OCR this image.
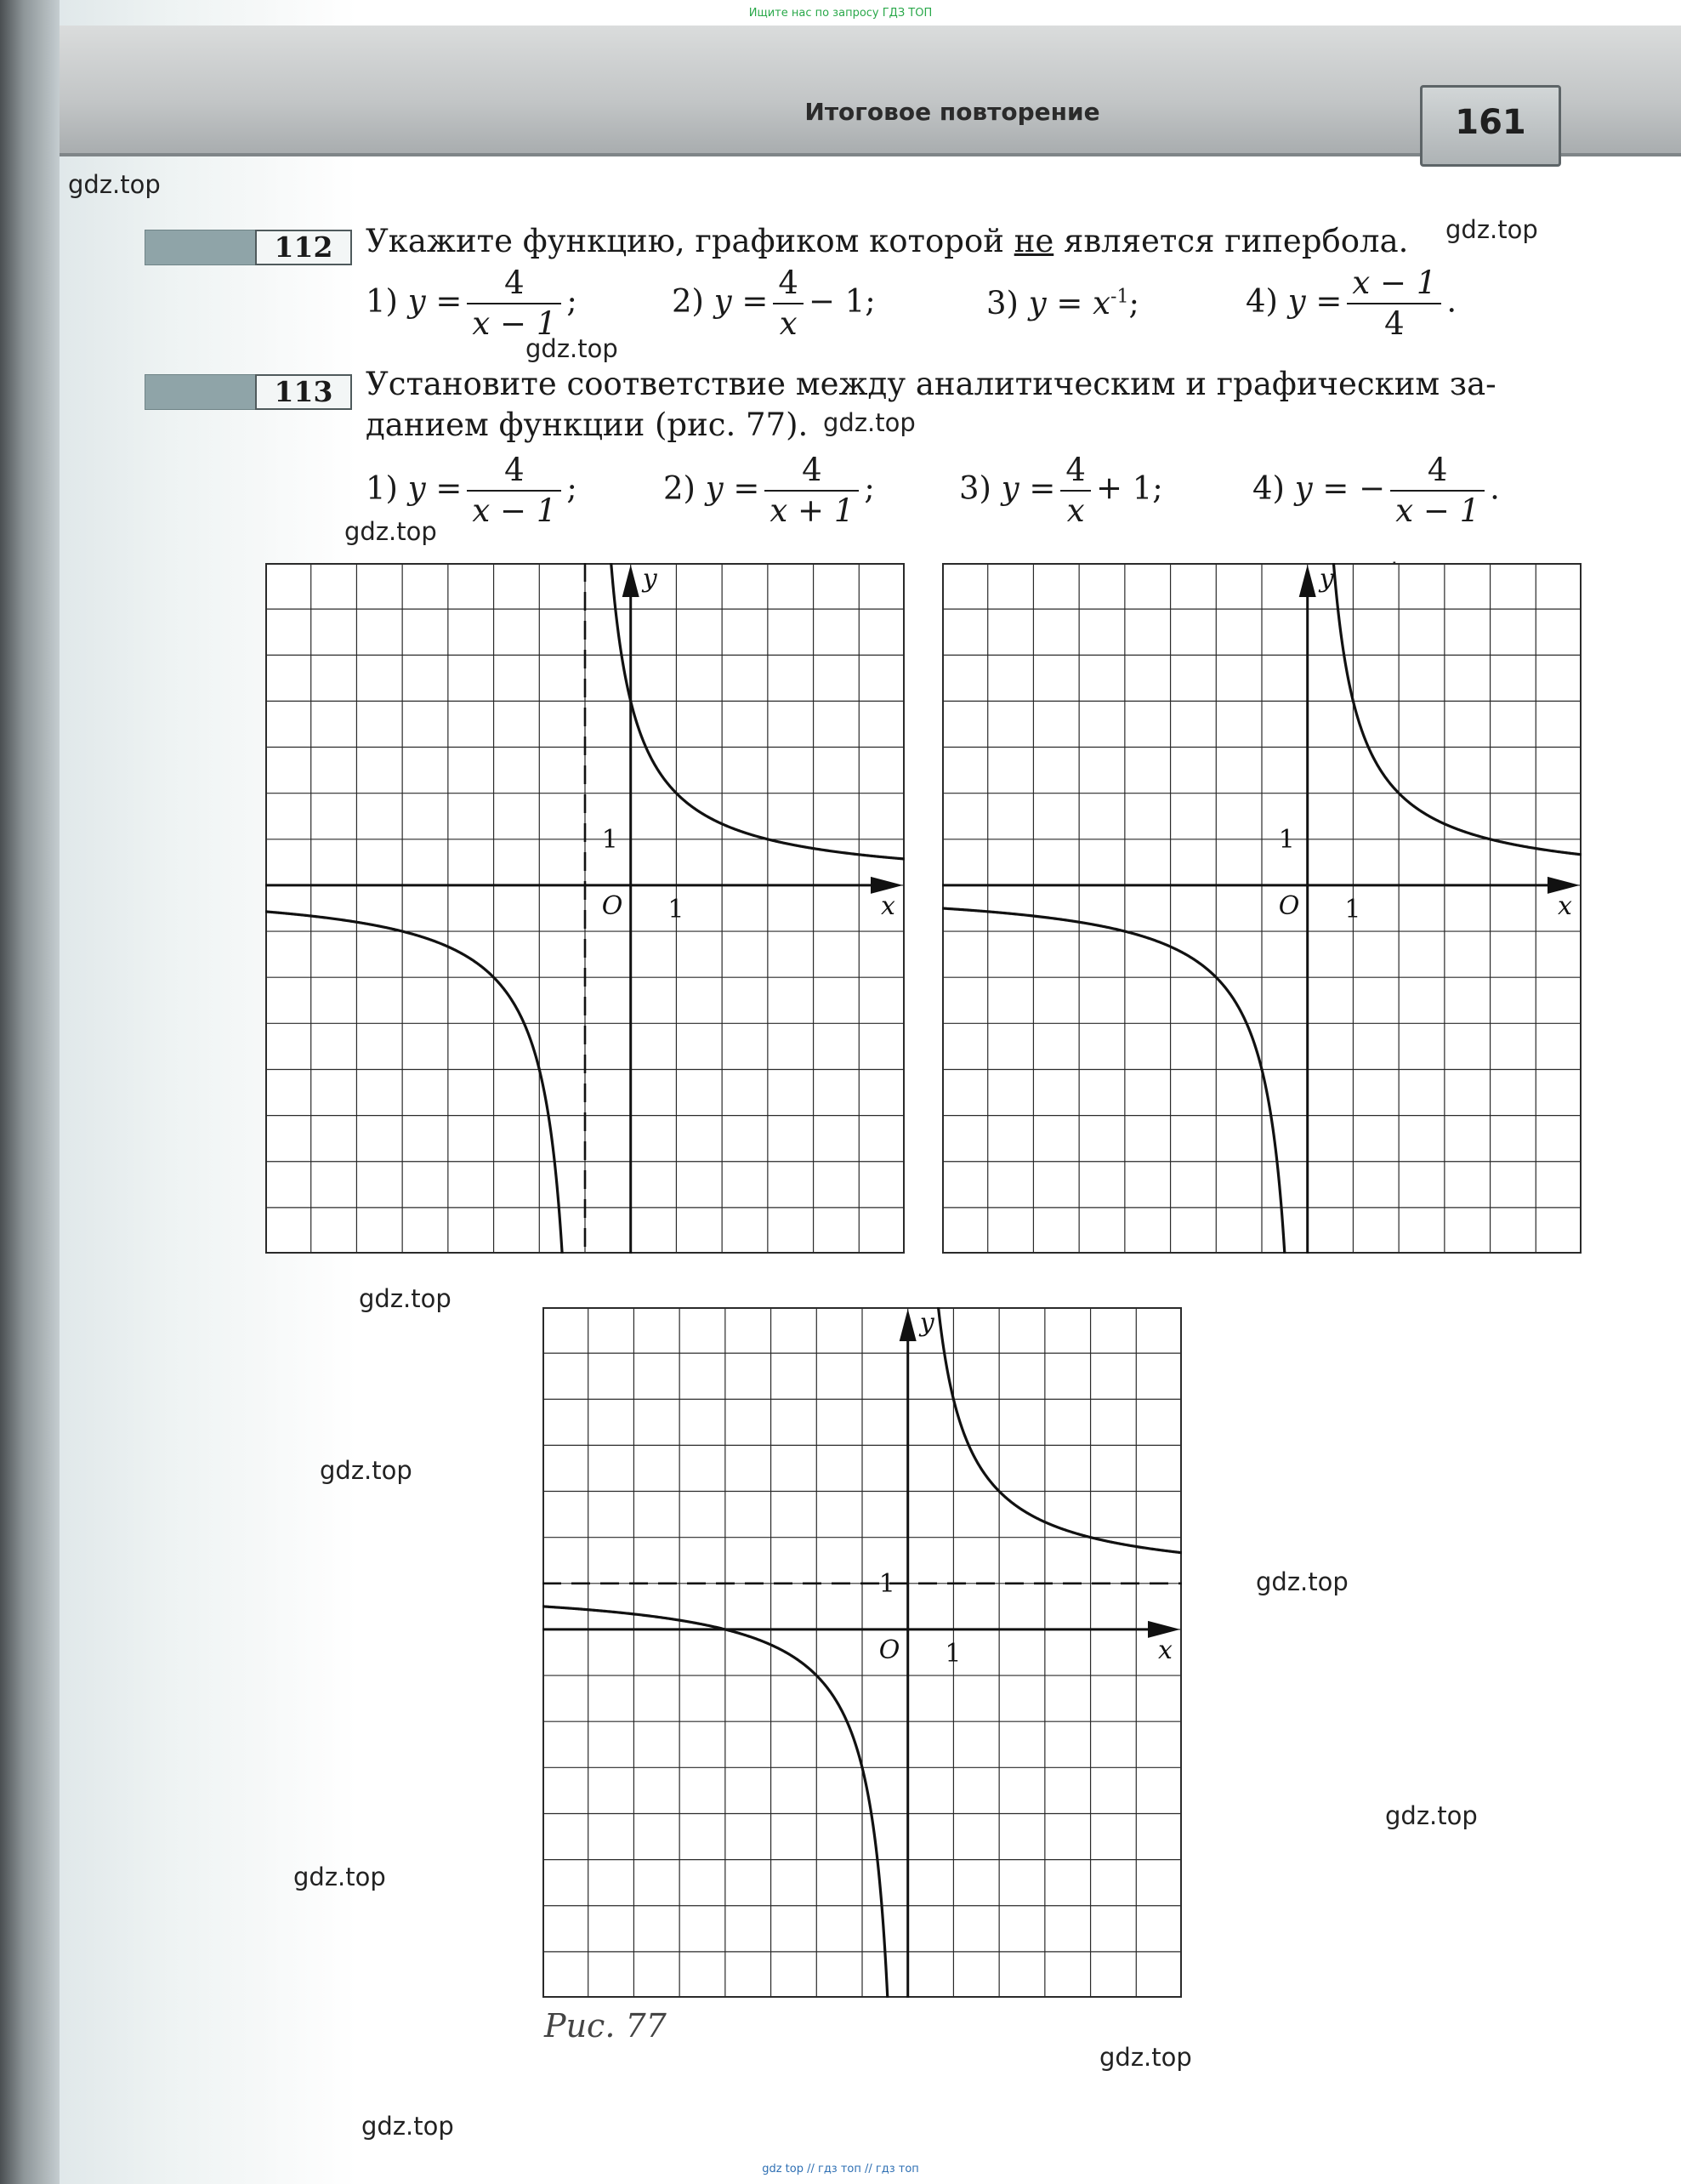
Ищите нас по запросу ГДЗ ТОП
Итоговое повторение	161
gdz.top
gdz.top
gdz.top
gdz.top
gdz.top
gdz.top
gdz.top
gdz.top
gdz.top
gdz.top
gdz.top
gdz.top
gdz.top
gdz.top
gdz.top
gdz.top
gdz.top
gdz.top
gdz.top
gdz.top
112	Укажите функцию, графиком которой не является гипербола.
1) $y = \frac{4}{x - 1}$ ;	2) $y = \frac{4}{x} - 1$;	3) $y = x^{-1}$;	4) $y = \frac{x - 1}{4}$ .
113	Установите соответствие между аналитическим и графическим за-
данием функции (рис. 77).
1) $y = \frac{4}{x - 1}$ ;	2) $y = \frac{4}{x + 1}$ ;	3) $y = \frac{4}{x} + 1$;	4) y = − $\frac{4}{x - 1}$ .
y
x
O
1
1
y
x
O
1
1
y
x
O
1
1
Рис. 77
gdz top // гдз топ // гдз топ
